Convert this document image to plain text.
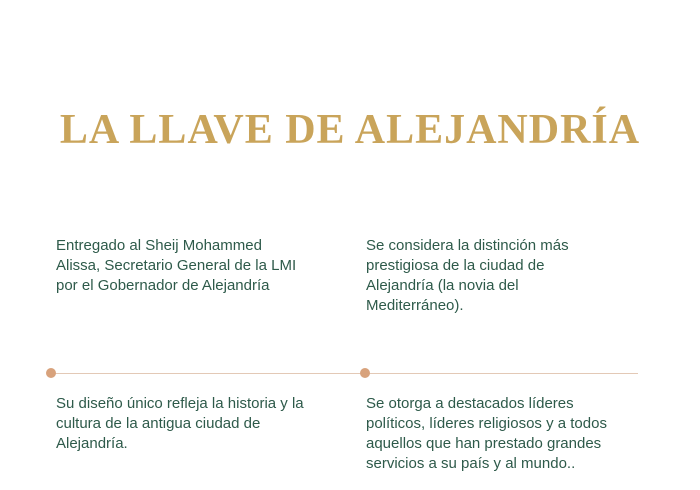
LA LLAVE DE ALEJANDRÍA

Entregado al Sheij Mohammed
Alissa, Secretario General de la LMI
por el Gobernador de Alejandría

Se considera la distinción más
prestigiosa de la ciudad de
Alejandría (la novia del
Mediterráneo).

Su diseño único refleja la historia y la
cultura de la antigua ciudad de
Alejandría.

Se otorga a destacados líderes
políticos, líderes religiosos y a todos
aquellos que han prestado grandes
servicios a su país y al mundo..
